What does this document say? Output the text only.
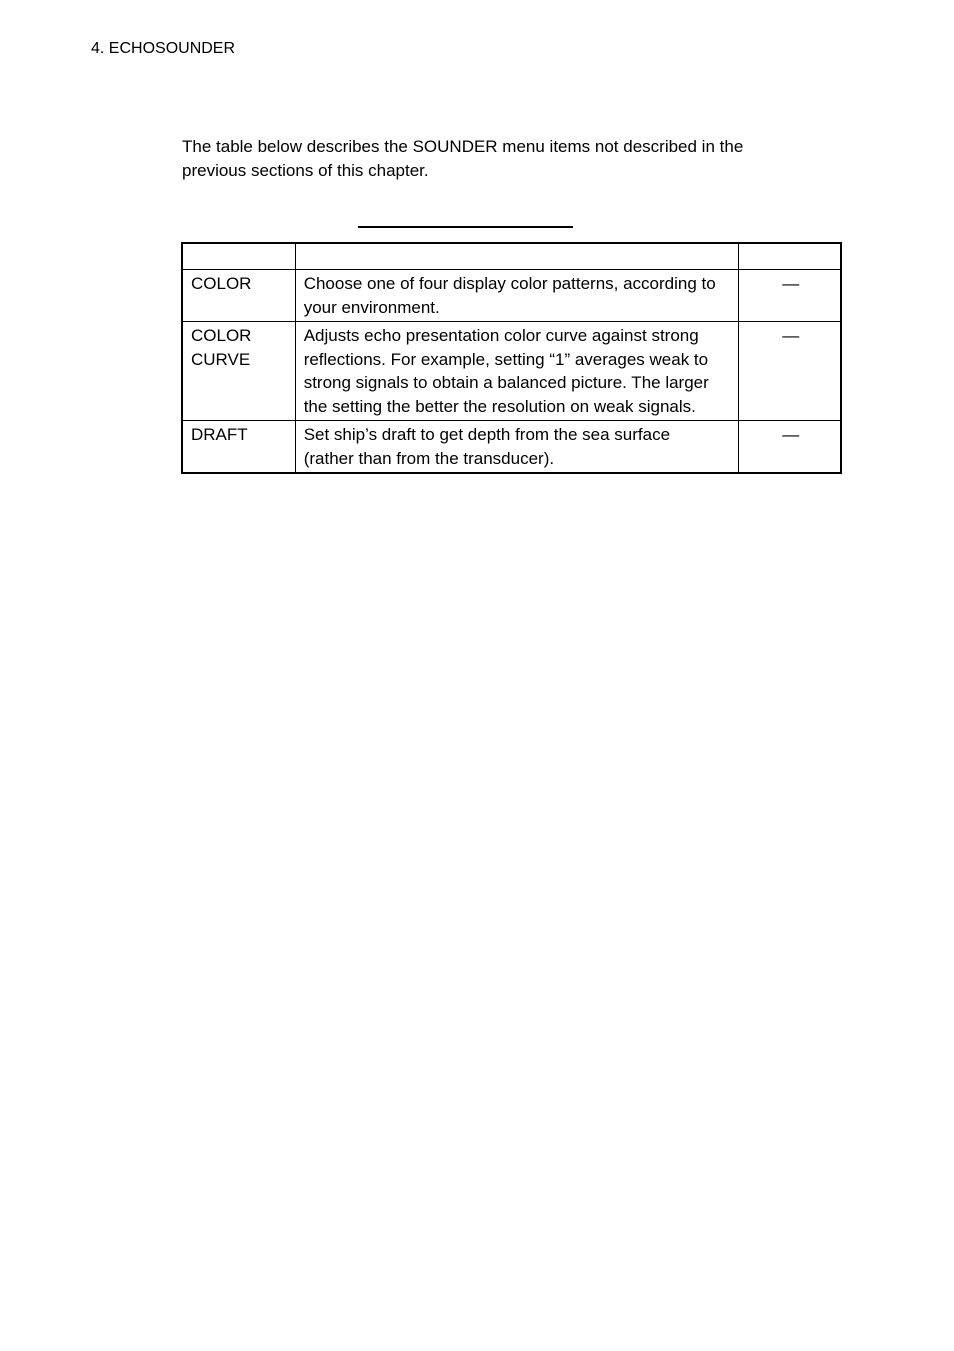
4. ECHOSOUNDER
The table below describes the SOUNDER menu items not described in the
previous sections of this chapter.

COLOR	Choose one of four display color patterns, according to
your environment.	—

COLOR
CURVE	Adjusts echo presentation color curve against strong
reflections. For example, setting “1” averages weak to
strong signals to obtain a balanced picture. The larger
the setting the better the resolution on weak signals.	—

DRAFT	Set ship’s draft to get depth from the sea surface
(rather than from the transducer).	—
